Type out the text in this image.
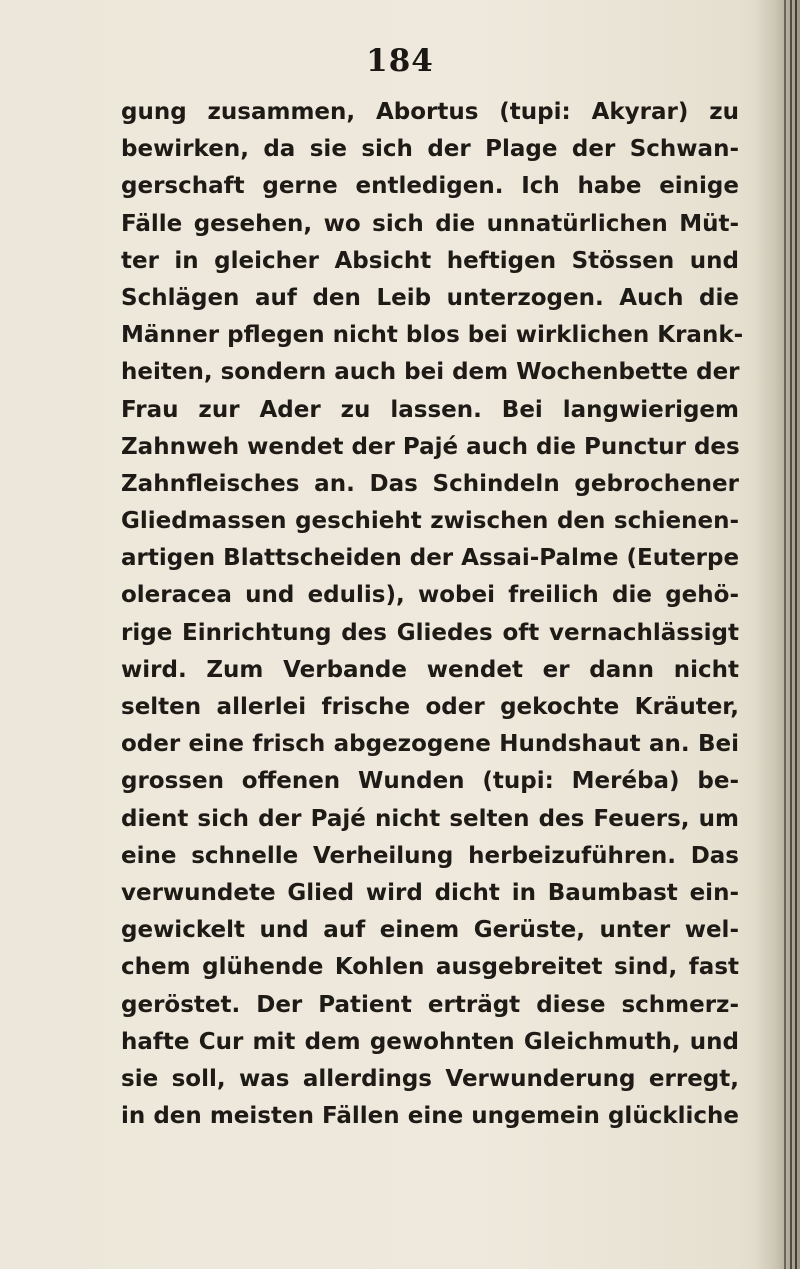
184
gung zusammen, Abortus (tupi: Akyrar) zu
bewirken, da sie sich der Plage der Schwan-
gerschaft gerne entledigen. Ich habe einige
Fälle gesehen, wo sich die unnatürlichen Müt-
ter in gleicher Absicht heftigen Stössen und
Schlägen auf den Leib unterzogen. Auch die
Männer pflegen nicht blos bei wirklichen Krank-
heiten, sondern auch bei dem Wochenbette der
Frau zur Ader zu lassen. Bei langwierigem
Zahnweh wendet der Pajé auch die Punctur des
Zahnfleisches an. Das Schindeln gebrochener
Gliedmassen geschieht zwischen den schienen-
artigen Blattscheiden der Assai-Palme (Euterpe
oleracea und edulis), wobei freilich die gehö-
rige Einrichtung des Gliedes oft vernachlässigt
wird. Zum Verbande wendet er dann nicht
selten allerlei frische oder gekochte Kräuter,
oder eine frisch abgezogene Hundshaut an. Bei
grossen offenen Wunden (tupi: Meréba) be-
dient sich der Pajé nicht selten des Feuers, um
eine schnelle Verheilung herbeizuführen. Das
verwundete Glied wird dicht in Baumbast ein-
gewickelt und auf einem Gerüste, unter wel-
chem glühende Kohlen ausgebreitet sind, fast
geröstet. Der Patient erträgt diese schmerz-
hafte Cur mit dem gewohnten Gleichmuth, und
sie soll, was allerdings Verwunderung erregt,
in den meisten Fällen eine ungemein glückliche
